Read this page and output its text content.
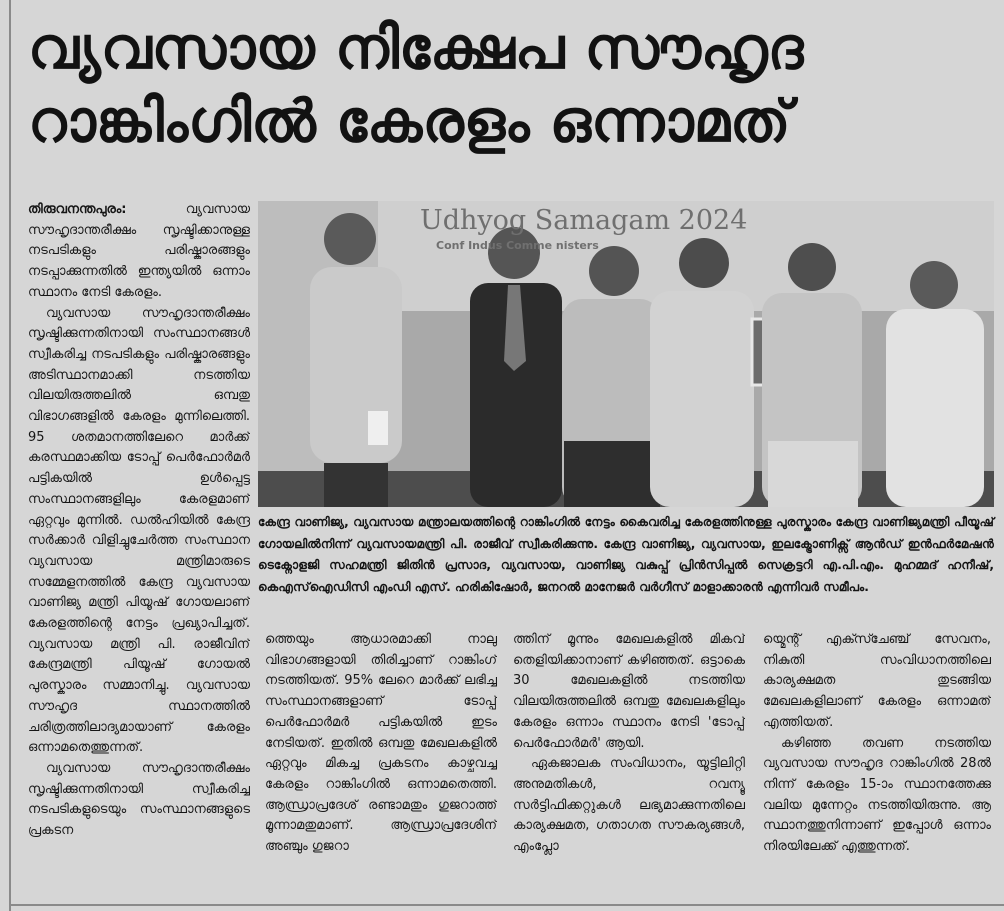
വ്യവസായ നിക്ഷേപ സൗഹൃദ
റാങ്കിംഗിൽ കേരളം ഒന്നാമത്

തിരുവനന്തപുരം:	വ്യവസായ സൗഹൃദാന്തരീക്ഷം സൃഷ്ടിക്കാനുള്ള നടപടികളും പരിഷ്കാരങ്ങളും നടപ്പാക്കുന്നതിൽ ഇന്ത്യയിൽ ഒന്നാം സ്ഥാനം നേടി കേരളം.

വ്യവസായ സൗഹൃദാന്തരീക്ഷം സൃഷ്ടിക്കുന്നതിനായി സംസ്ഥാനങ്ങൾ സ്വീകരിച്ച നടപടികളും പരിഷ്കാരങ്ങളും അടിസ്ഥാനമാക്കി നടത്തിയ വിലയിരുത്തലിൽ ഒമ്പതു വിഭാഗങ്ങളിൽ കേരളം മുന്നിലെത്തി. 95 ശതമാനത്തിലേറെ മാർക്ക് കരസ്ഥമാക്കിയ ടോപ്പ് പെർഫോർമർ പട്ടികയിൽ ഉൾപ്പെട്ട സംസ്ഥാനങ്ങളിലും കേരളമാണ് ഏറ്റവും മുന്നിൽ. ഡൽഹിയിൽ കേന്ദ്ര സർക്കാർ വിളിച്ചുചേർത്ത സംസ്ഥാന വ്യവസായ മന്ത്രിമാരുടെ സമ്മേളനത്തിൽ കേന്ദ്ര വ്യവസായ വാണിജ്യ മന്ത്രി പിയൂഷ് ഗോയലാണ് കേരളത്തിന്റെ നേട്ടം പ്രഖ്യാപിച്ചത്. വ്യവസായ മന്ത്രി പി. രാജീവിന് കേന്ദ്രമന്ത്രി പിയൂഷ് ഗോയൽ പുരസ്കാരം സമ്മാനിച്ചു. വ്യവസായ സൗഹൃദ സ്ഥാനത്തിൽ ചരിത്രത്തിലാദ്യമായാണ് കേരളം ഒന്നാമതെത്തുന്നത്.

വ്യവസായ സൗഹൃദാന്തരീക്ഷം സൃഷ്ടിക്കുന്നതിനായി സ്വീകരിച്ച നടപടികളുടെയും സംസ്ഥാനങ്ങളുടെ പ്രകടന

Udhyog Samagam 2024
Conf Indus Comme nisters
കേന്ദ്ര വാണിജ്യ, വ്യവസായ മന്ത്രാലയത്തിന്റെ റാങ്കിംഗിൽ നേട്ടം കൈവരിച്ച കേരളത്തിനുള്ള പുരസ്കാരം കേന്ദ്ര വാണിജ്യമന്ത്രി പീയൂഷ് ഗോയലിൽനിന്ന് വ്യവസായമന്ത്രി പി. രാജീവ് സ്വീകരിക്കുന്നു. കേന്ദ്ര വാണിജ്യ, വ്യവസായ, ഇലക്ട്രോണിക്സ് ആൻഡ് ഇൻഫർമേഷൻ ടെക്നോളജി സഹമന്ത്രി ജിതിൻ പ്രസാദ, വ്യവസായ, വാണിജ്യ വകുപ്പ് പ്രിൻസിപ്പൽ സെക്രട്ടറി എ.പി.എം. മുഹമ്മദ് ഹനീഷ്, കെഎസ്ഐഡിസി എംഡി എസ്. ഹരികിഷോർ, ജനറൽ മാനേജർ വർഗീസ് മാളാക്കാരൻ എന്നിവർ സമീപം.

ത്തെയും ആധാരമാക്കി നാലു വിഭാഗങ്ങളായി തിരിച്ചാണ് റാങ്കിംഗ് നടത്തിയത്. 95% ലേറെ മാർക്ക് ലഭിച്ച സംസ്ഥാനങ്ങളാണ് ടോപ്പ് പെർഫോർമർ പട്ടികയിൽ ഇടം നേടിയത്. ഇതിൽ ഒമ്പതു മേഖലകളിൽ ഏറ്റവും മികച്ച പ്രകടനം കാഴ്ചവച്ച കേരളം റാങ്കിംഗിൽ ഒന്നാമതെത്തി. ആന്ധ്രാപ്രദേശ് രണ്ടാമതും ഗുജറാത്ത് മൂന്നാമതുമാണ്. ആന്ധ്രാപ്രദേശിന് അഞ്ചും ഗുജറാ

ത്തിന് മൂന്നും മേഖലകളിൽ മികവ് തെളിയിക്കാനാണ് കഴിഞ്ഞത്. ഒട്ടാകെ 30 മേഖലകളിൽ നടത്തിയ വിലയിരുത്തലിൽ ഒമ്പതു മേഖലകളിലും കേരളം ഒന്നാം സ്ഥാനം നേടി 'ടോപ്പ് പെർഫോർമർ' ആയി.

ഏകജാലക സംവിധാനം, യൂട്ടിലിറ്റി അനുമതികൾ, റവന്യൂ സർട്ടിഫിക്കറ്റുകൾ ലഭ്യമാക്കുന്നതിലെ കാര്യക്ഷമത, ഗതാഗത സൗകര്യങ്ങൾ, എംപ്ലോ

യ്മെന്റ് എക്സ്ചേഞ്ച് സേവനം, നികുതി സംവിധാനത്തിലെ കാര്യക്ഷമത തുടങ്ങിയ മേഖലകളിലാണ് കേരളം ഒന്നാമത് എത്തിയത്.

കഴിഞ്ഞ തവണ നടത്തിയ വ്യവസായ സൗഹൃദ റാങ്കിംഗിൽ 28ൽ നിന്ന് കേരളം 15-ാം സ്ഥാനത്തേക്കു വലിയ മുന്നേറ്റം നടത്തിയിരുന്നു. ആ സ്ഥാനത്തുനിന്നാണ് ഇപ്പോൾ ഒന്നാം നിരയിലേക്ക് എത്തുന്നത്.
